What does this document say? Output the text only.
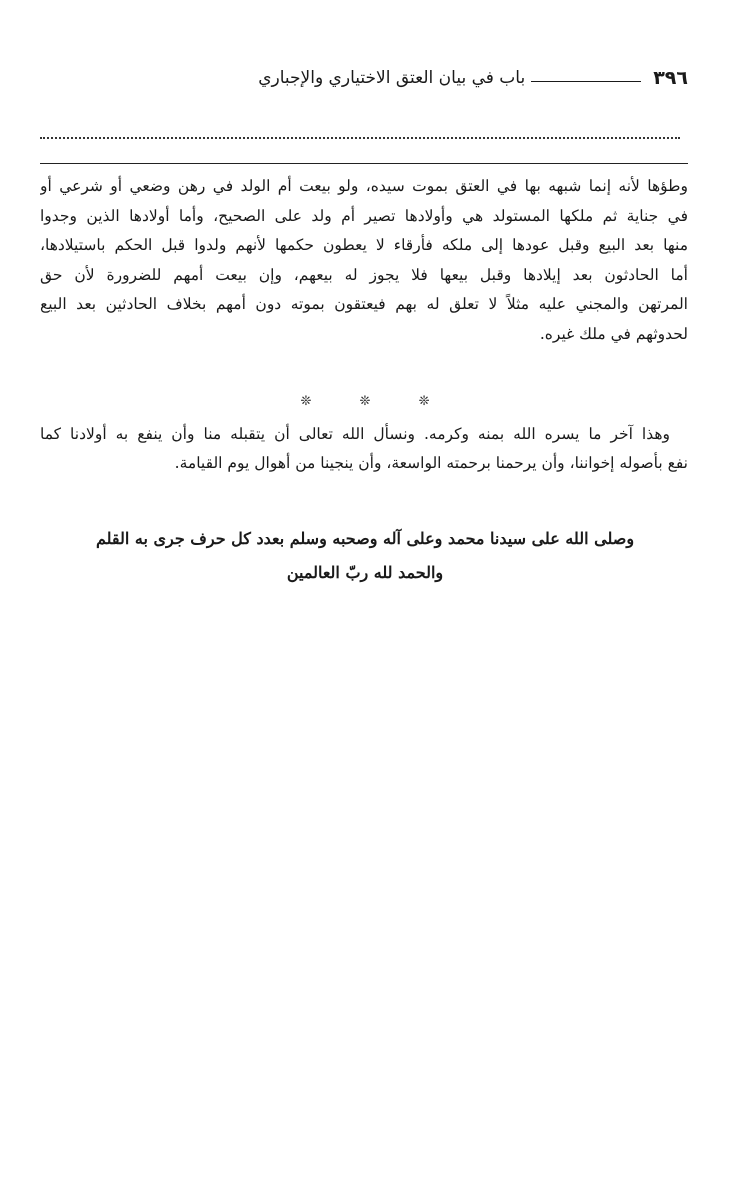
٣٩٦
باب في بيان العتق الاختياري والإجباري
وطؤها لأنه إنما شبهه بها في العتق بموت سيده، ولو بيعت أم الولد في رهن وضعي أو شرعي أو
في جناية ثم ملكها المستولد هي وأولادها تصير أم ولد على الصحيح، وأما أولادها الذين وجدوا
منها بعد البيع وقبل عودها إلى ملكه فأرقاء لا يعطون حكمها لأنهم ولدوا قبل الحكم باستيلادها،
أما الحادثون بعد إيلادها وقبل بيعها فلا يجوز له بيعهم، وإن بيعت أمهم للضرورة لأن حق
المرتهن والمجني عليه مثلاً لا تعلق له بهم فيعتقون بموته دون أمهم بخلاف الحادثين بعد البيع
لحدوثهم في ملك غيره.
❊ ❊ ❊
وهذا آخر ما يسره الله بمنه وكرمه. ونسأل الله تعالى أن يتقبله منا وأن ينفع به أولادنا كما
نفع بأصوله إخواننا، وأن يرحمنا برحمته الواسعة، وأن ينجينا من أهوال يوم القيامة.
وصلى الله على سيدنا محمد وعلى آله وصحبه وسلم بعدد كل حرف جرى به القلم
والحمد لله ربّ العالمين
